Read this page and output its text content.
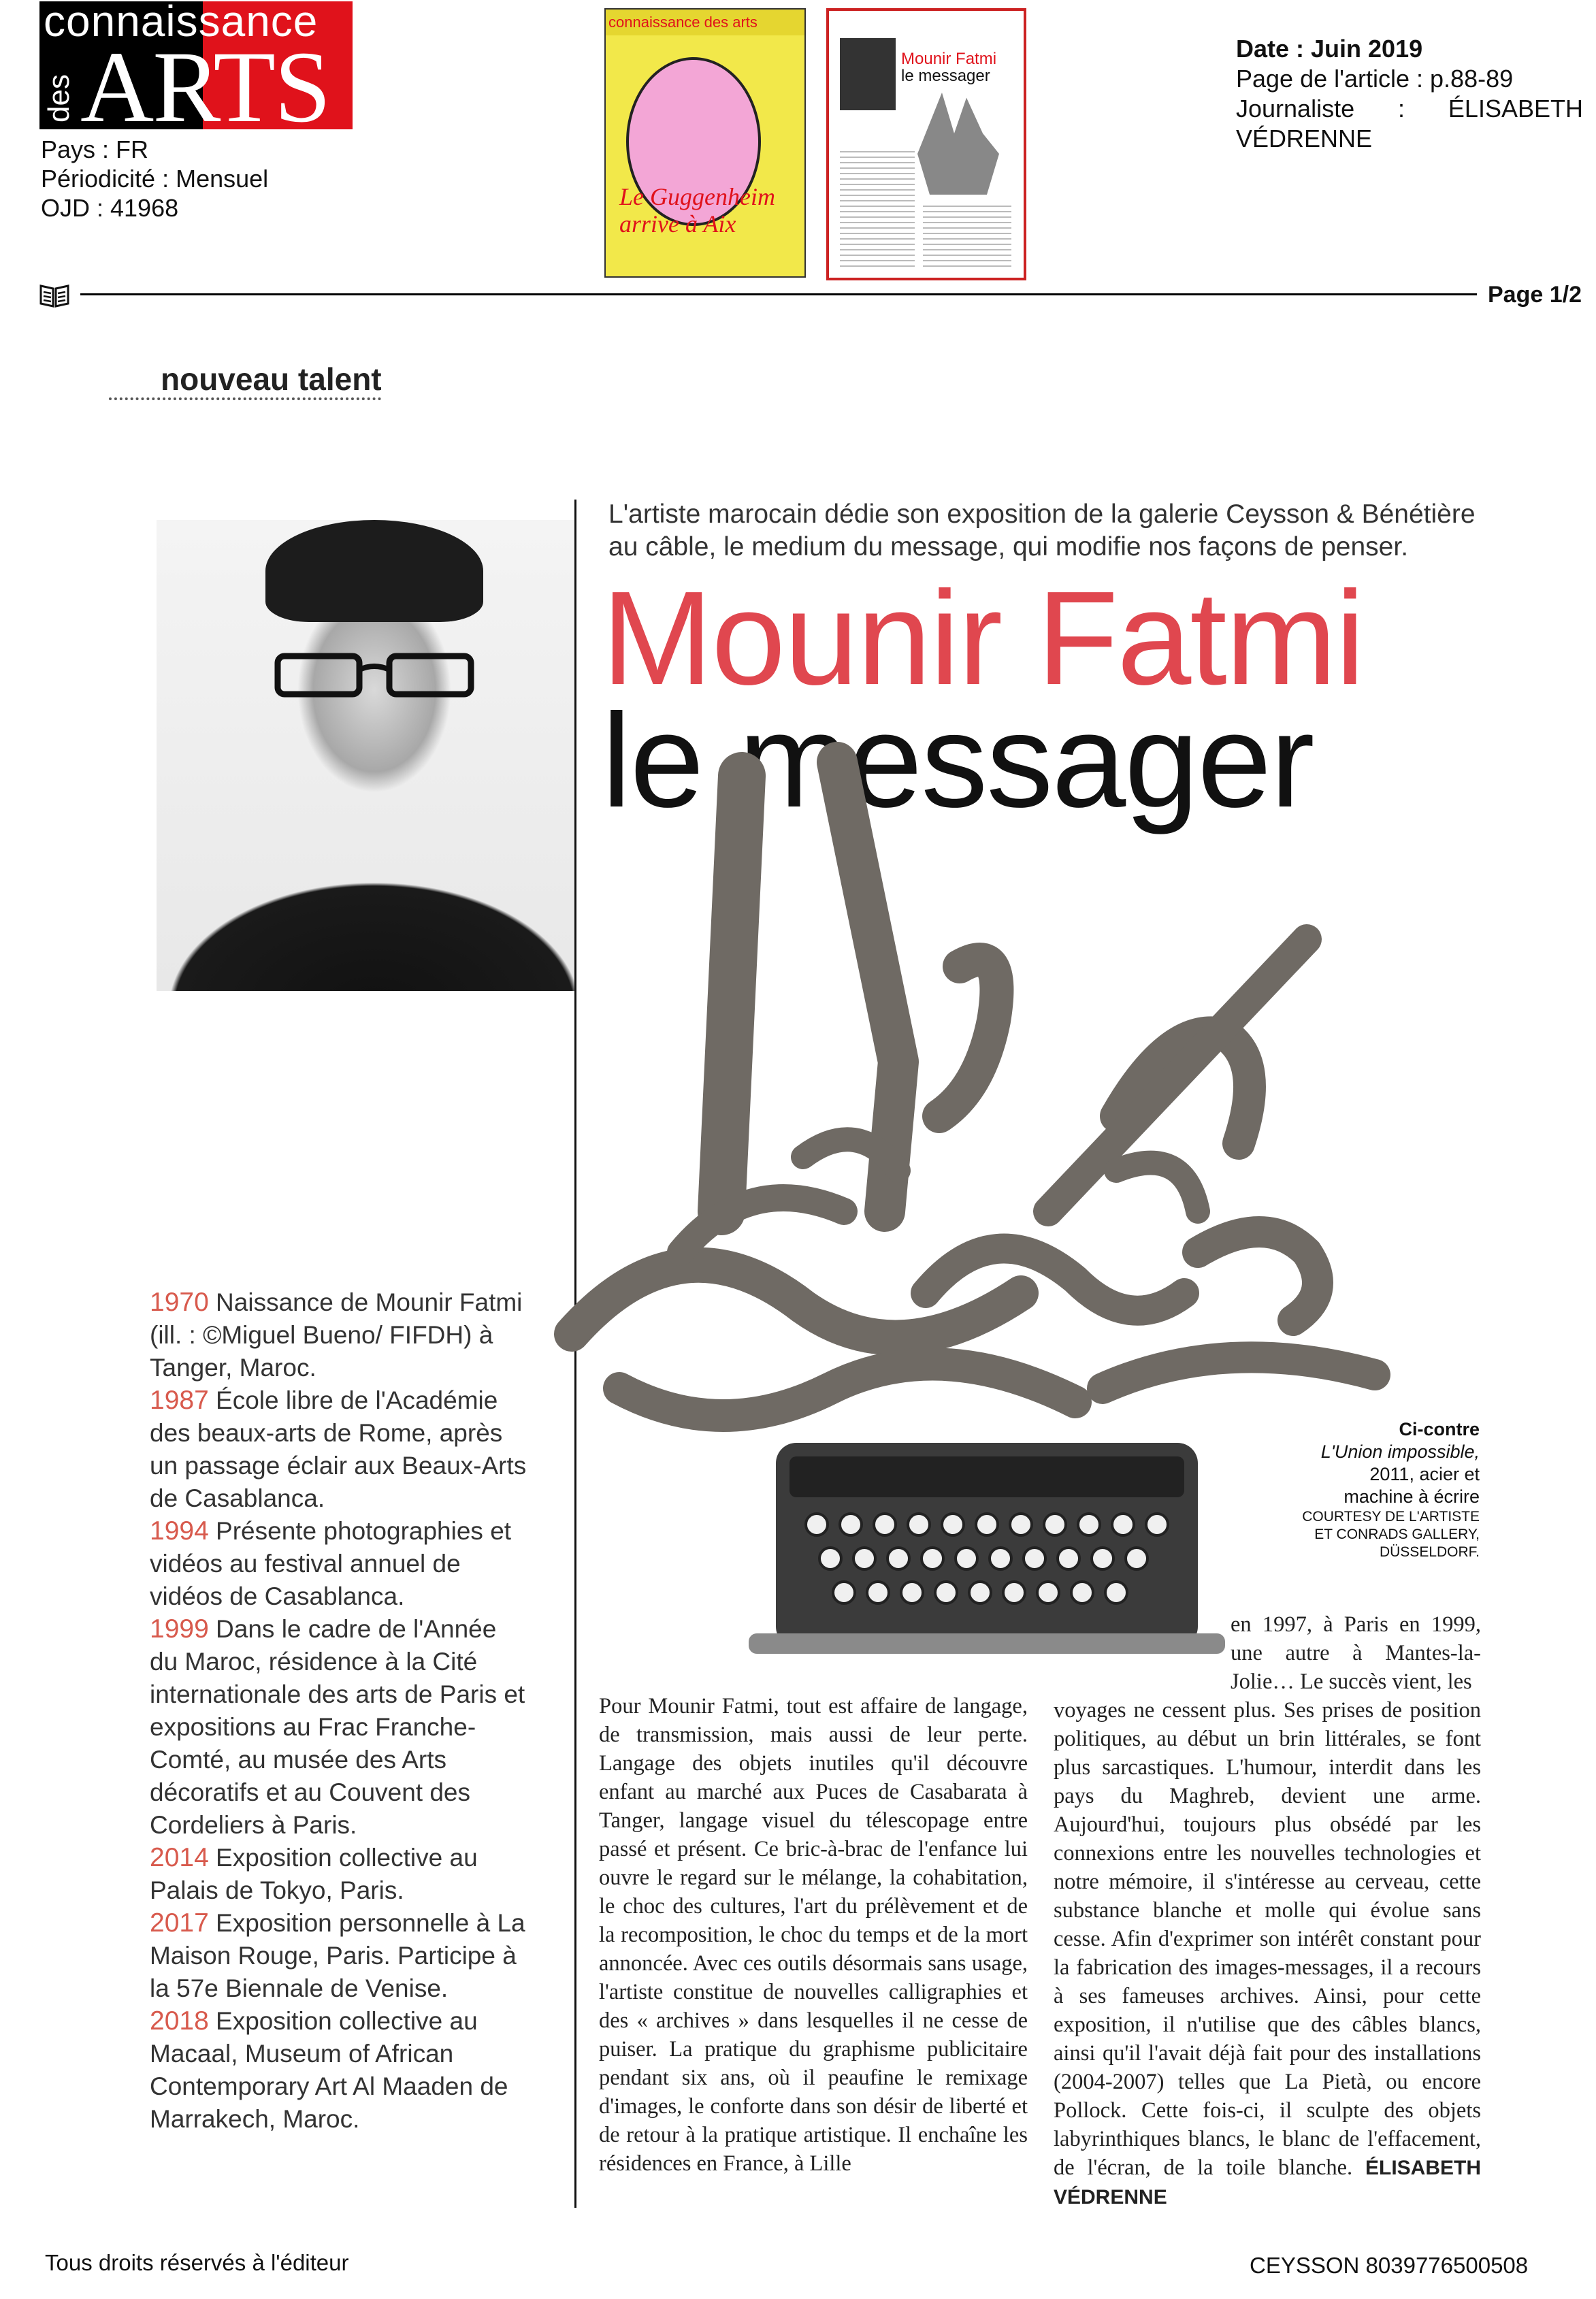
connaissance
des ARTS
Pays : FR
Périodicité : Mensuel
OJD : 41968
connaissance des arts
Le Guggenheim arrive à Aix
Mounir Fatmi
le messager
Date : Juin 2019
Page de l'article : p.88-89
Journaliste : ÉLISABETH
VÉDRENNE
Page 1/2
nouveau talent
L'artiste marocain dédie son exposition de la galerie Ceysson & Bénétière
au câble, le medium du message, qui modifie nos façons de penser.
Mounir Fatmi
le messager
Ci-contre
L'Union impossible,
2011, acier et
machine à écrire
COURTESY DE L'ARTISTE
ET CONRADS GALLERY,
DÜSSELDORF.
1970 Naissance de Mounir Fatmi (ill. : ©Miguel Bueno/ FIFDH) à Tanger, Maroc.
1987 École libre de l'Académie des beaux-arts de Rome, après un passage éclair aux Beaux-Arts de Casablanca.
1994 Présente photographies et vidéos au festival annuel de vidéos de Casablanca.
1999 Dans le cadre de l'Année du Maroc, résidence à la Cité internationale des arts de Paris et expositions au Frac Franche-Comté, au musée des Arts décoratifs et au Couvent des Cordeliers à Paris.
2014 Exposition collective au Palais de Tokyo, Paris.
2017 Exposition personnelle à La Maison Rouge, Paris. Participe à la 57e Biennale de Venise.
2018 Exposition collective au Macaal, Museum of African Contemporary Art Al Maaden de Marrakech, Maroc.
Pour Mounir Fatmi, tout est affaire de langage, de transmission, mais aussi de leur perte. Langage des objets inutiles qu'il découvre enfant au marché aux Puces de Casabarata à Tanger, langage visuel du télescopage entre passé et présent. Ce bric-à-brac de l'enfance lui ouvre le regard sur le mélange, la cohabitation, le choc des cultures, l'art du prélèvement et de la recomposition, le choc du temps et de la mort annoncée. Avec ces outils désormais sans usage, l'artiste constitue de nouvelles calligraphies et des « archives » dans lesquelles il ne cesse de puiser. La pratique du graphisme publicitaire pendant six ans, où il peaufine le remixage d'images, le conforte dans son désir de liberté et de retour à la pratique artistique. Il enchaîne les résidences en France, à Lille
en 1997, à Paris en 1999, une autre à Mantes-la-Jolie… Le succès vient, les
voyages ne cessent plus. Ses prises de position politiques, au début un brin littérales, se font plus sarcastiques. L'humour, interdit dans les pays du Maghreb, devient une arme. Aujourd'hui, toujours plus obsédé par les connexions entre les nouvelles technologies et notre mémoire, il s'intéresse au cerveau, cette substance blanche et molle qui évolue sans cesse. Afin d'exprimer son intérêt constant pour la fabrication des images-messages, il a recours à ses fameuses archives. Ainsi, pour cette exposition, il n'utilise que des câbles blancs, ainsi qu'il l'avait déjà fait pour des installations (2004-2007) telles que La Pietà, ou encore Pollock. Cette fois-ci, il sculpte des objets labyrinthiques blancs, le blanc de l'effacement, de l'écran, de la toile blanche. ÉLISABETH VÉDRENNE
Tous droits réservés à l'éditeur	CEYSSON 8039776500508
